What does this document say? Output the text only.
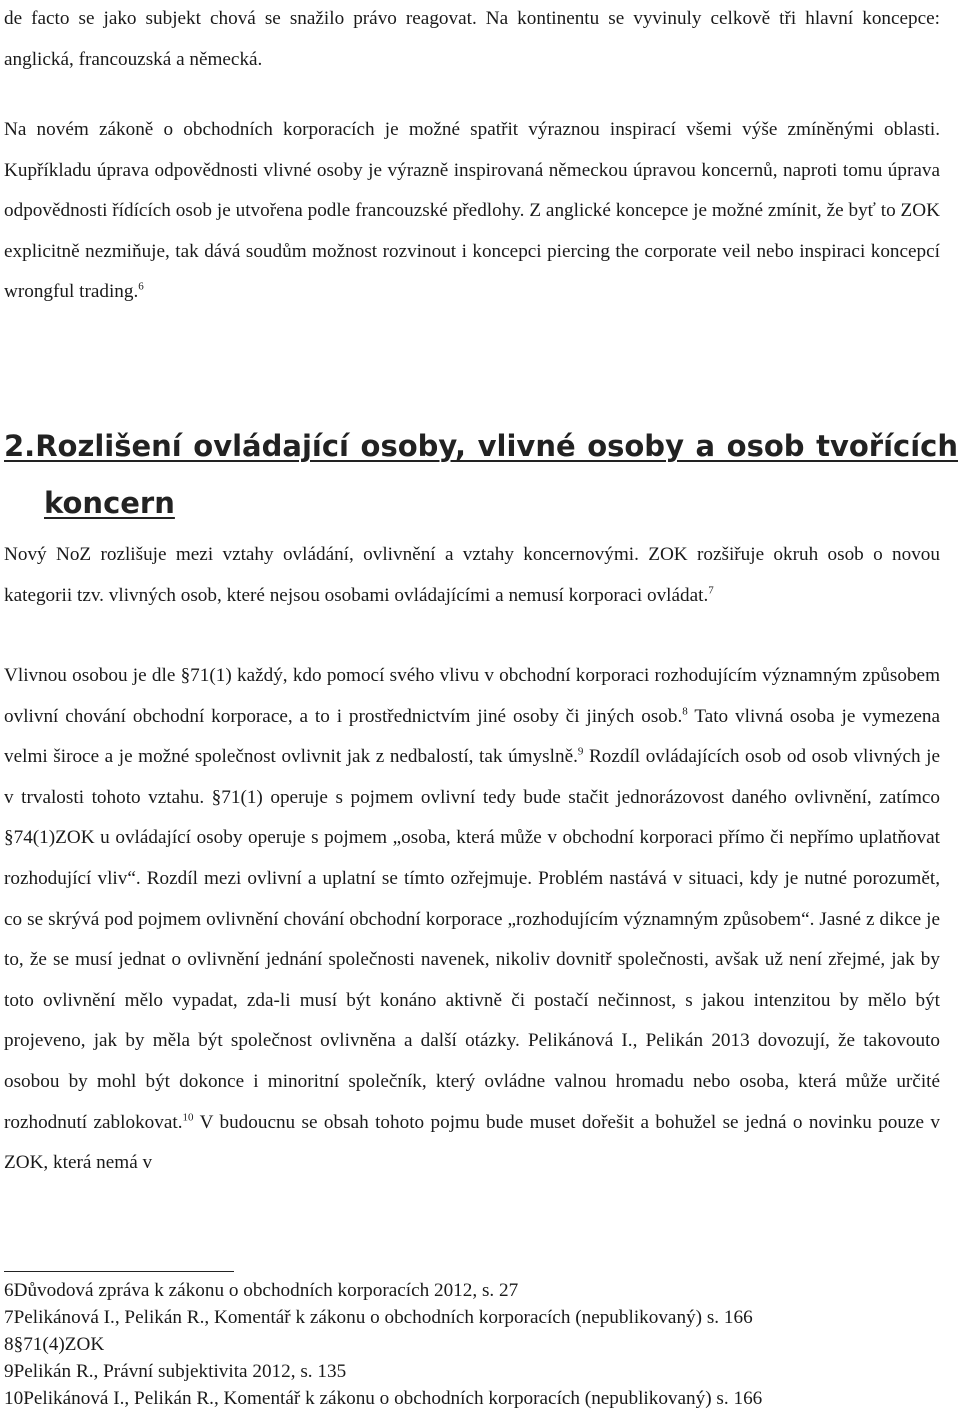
de facto se jako subjekt chová se snažilo právo reagovat. Na kontinentu se vyvinuly celkově tři hlavní koncepce: anglická, francouzská a německá.

Na novém zákoně o obchodních korporacích je možné spatřit výraznou inspirací všemi výše zmíněnými oblasti. Kupříkladu úprava odpovědnosti vlivné osoby je výrazně inspirovaná německou úpravou koncernů, naproti tomu úprava odpovědnosti řídících osob je utvořena podle francouzské předlohy. Z anglické koncepce je možné zmínit, že byť to ZOK explicitně nezmiňuje, tak dává soudům možnost rozvinout i koncepci piercing the corporate veil nebo inspiraci koncepcí wrongful trading.$^6$

2.Rozlišení ovládající osoby, vlivné osoby a osob tvořících
koncern

Nový NoZ rozlišuje mezi vztahy ovládání, ovlivnění a vztahy koncernovými. ZOK rozšiřuje okruh osob o novou kategorii tzv. vlivných osob, které nejsou osobami ovládajícími a nemusí korporaci ovládat.$^7$

Vlivnou osobou je dle §71(1) každý, kdo pomocí svého vlivu v obchodní korporaci rozhodujícím významným způsobem ovlivní chování obchodní korporace, a to i prostřednictvím jiné osoby či jiných osob.$^8$ Tato vlivná osoba je vymezena velmi široce a je možné společnost ovlivnit jak z nedbalostí, tak úmyslně.$^9$ Rozdíl ovládajících osob od osob vlivných je v trvalosti tohoto vztahu. §71(1) operuje s pojmem ovlivní tedy bude stačit jednorázovost daného ovlivnění, zatímco §74(1)ZOK u ovládající osoby operuje s pojmem „osoba, která může v obchodní korporaci přímo či nepřímo uplatňovat rozhodující vliv“. Rozdíl mezi ovlivní a uplatní se tímto ozřejmuje. Problém nastává v situaci, kdy je nutné porozumět, co se skrývá pod pojmem ovlivnění chování obchodní korporace „rozhodujícím významným způsobem“. Jasné z dikce je to, že se musí jednat o ovlivnění jednání společnosti navenek, nikoliv dovnitř společnosti, avšak už není zřejmé, jak by toto ovlivnění mělo vypadat, zda-li musí být konáno aktivně či postačí nečinnost, s jakou intenzitou by mělo být projeveno, jak by měla být společnost ovlivněna a další otázky. Pelikánová I., Pelikán 2013 dovozují, že takovouto osobou by mohl být dokonce i minoritní společník, který ovládne valnou hromadu nebo osoba, která může určité rozhodnutí zablokovat.$^{10}$ V budoucnu se obsah tohoto pojmu bude muset dořešit a bohužel se jedná o novinku pouze v ZOK, která nemá v

6Důvodová zpráva k zákonu o obchodních korporacích 2012, s. 27
7Pelikánová I., Pelikán R., Komentář k zákonu o obchodních korporacích (nepublikovaný) s. 166
8§71(4)ZOK
9Pelikán R., Právní subjektivita 2012, s. 135
10Pelikánová I., Pelikán R., Komentář k zákonu o obchodních korporacích (nepublikovaný) s. 166
